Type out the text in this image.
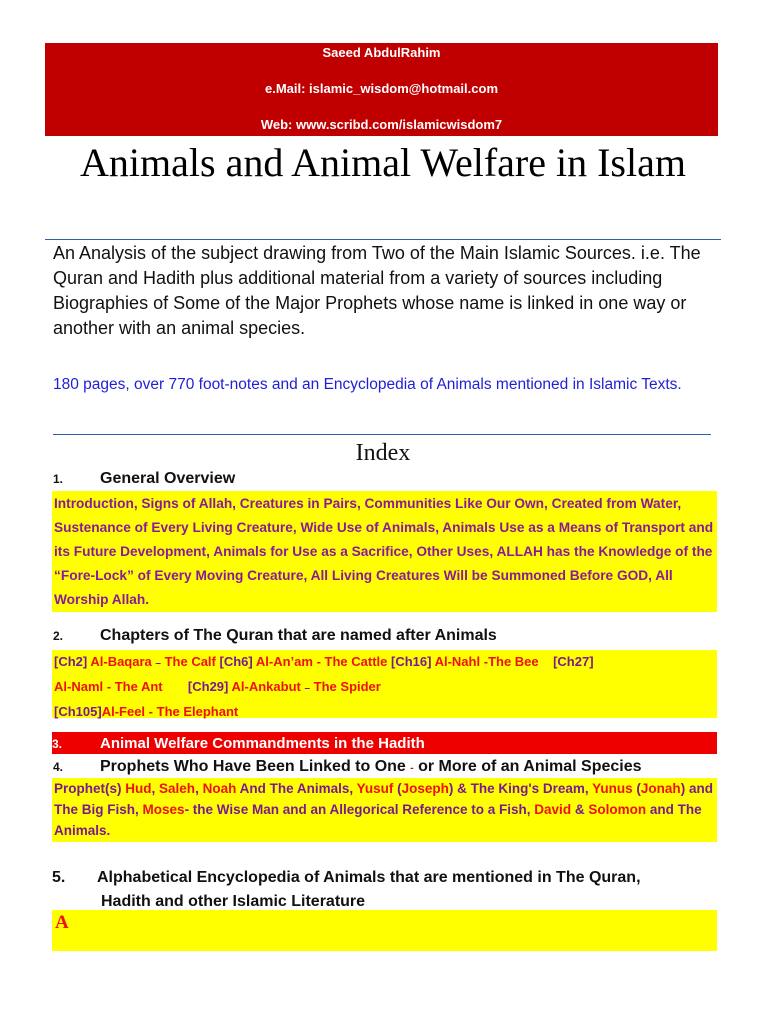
Saeed AbdulRahim
e.Mail: islamic_wisdom@hotmail.com
Web: www.scribd.com/islamicwisdom7
Animals and Animal Welfare in Islam
An Analysis of the subject drawing from Two of the Main Islamic Sources. i.e. The Quran and Hadith plus additional material from a variety of sources including Biographies of Some of the Major Prophets whose name is linked in one way or another with an animal species.
180 pages, over 770 foot-notes and an Encyclopedia of Animals mentioned in Islamic Texts.
Index
1. General Overview
Introduction, Signs of Allah, Creatures in Pairs, Communities Like Our Own, Created from Water, Sustenance of Every Living Creature, Wide Use of Animals, Animals Use as a Means of Transport and its Future Development, Animals for Use as a Sacrifice, Other Uses, ALLAH has the Knowledge of the “Fore-Lock” of Every Moving Creature, All Living Creatures Will be Summoned Before GOD, All Worship Allah.
2. Chapters of The Quran that are named after Animals
[Ch2] Al-Baqara – The Calf [Ch6] Al-An’am - The Cattle [Ch16] Al-Nahl -The Bee [Ch27]
Al-Naml - The Ant [Ch29] Al-Ankabut – The Spider
[Ch105]Al-Feel - The Elephant
3.	Animal Welfare Commandments in the Hadith
4. Prophets Who Have Been Linked to One - or More of an Animal Species
Prophet(s) Hud, Saleh, Noah And The Animals, Yusuf (Joseph) & The King's Dream, Yunus (Jonah) and The Big Fish, Moses- the Wise Man and an Allegorical Reference to a Fish, David & Solomon and The Animals.
5. Alphabetical Encyclopedia of Animals that are mentioned in The Quran,
Hadith and other Islamic Literature
A
